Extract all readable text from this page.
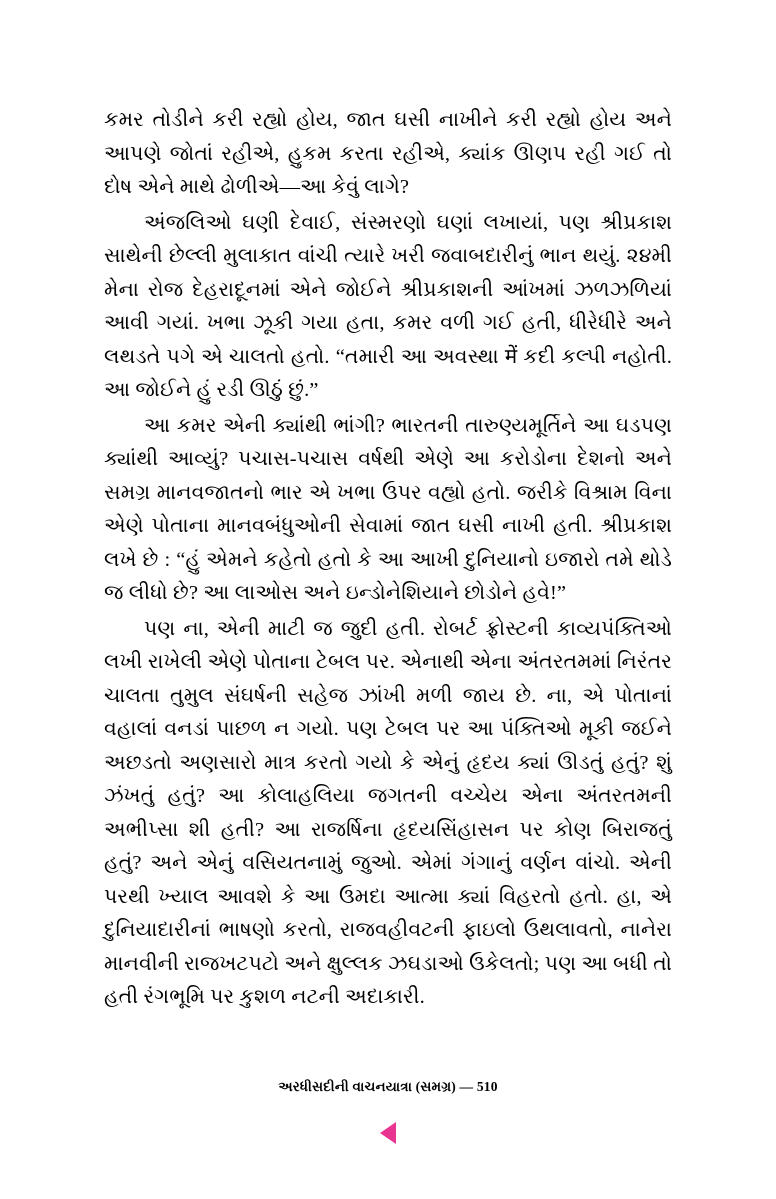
કમર તોડીને કરી રહ્યો હોય, જાત ઘસી નાખીને કરી રહ્યો હોય અને આપણે જોતાં રહીએ, હુકમ કરતા રહીએ, ક્યાંક ઊણપ રહી ગઈ તો દોષ એને માથે ઢોળીએ—આ કેવું લાગે?

અંજલિઓ ઘણી દેવાઈ, સંસ્મરણો ઘણાં લખાયાં, પણ શ્રીપ્રકાશ સાથેની છેલ્લી મુલાકાત વાંચી ત્યારે ખરી જવાબદારીનું ભાન થયું. ૨૪મી મેના રોજ દેહરાદૂનમાં એને જોઈને શ્રીપ્રકાશની આંખમાં ઝળઝળિયાં આવી ગયાં. ખભા ઝૂકી ગયા હતા, કમર વળી ગઈ હતી, ધીરેધીરે અને લથડતે પગે એ ચાલતો હતો. “તમારી આ અવસ્થા में કદી કલ્પી નહોતી. આ જોઈને હું રડી ઊઠું છું.”

આ કમર એની ક્યાંથી ભાંગી? ભારતની તારુણ્યમૂર્તિને આ ઘડપણ ક્યાંથી આવ્યું? પચાસ-પચાસ વર્ષથી એણે આ કરોડોના દેશનો અને સમગ્ર માનવજાતનો ભાર એ ખભા ઉપર વહ્યો હતો. જરીકે વિશ્રામ વિના એણે પોતાના માનવબંધુઓની સેવામાં જાત ઘસી નાખી હતી. શ્રીપ્રકાશ લખે છે : “હું એમને કહેતો હતો કે આ આખી દુનિયાનો ઇજારો તમે થોડે જ લીધો છે? આ લાઓસ અને ઇન્ડોનેશિયાને છોડોને હવે!”

પણ ના, એની માટી જ જુદી હતી. રોબર્ટ ફ્રોસ્ટની કાવ્યપંક્તિઓ લખી રાખેલી એણે પોતાના ટેબલ પર. એનાથી એના અંતરતમમાં નિરંતર ચાલતા તુમુલ સંઘર્ષની સહેજ ઝાંખી મળી જાય છે. ના, એ પોતાનાં વહાલાં વનડાં પાછળ ન ગયો. પણ ટેબલ પર આ પંક્તિઓ મૂકી જઈને અછડતો અણસારો માત્ર કરતો ગયો કે એનું હૃદય ક્યાં ઊડતું હતું? શું ઝંખતું હતું? આ કોલાહલિયા જગતની વચ્ચેય એના અંતરતમની અભીપ્સા શી હતી? આ રાજર્ષિના હૃદયસિંહાસન પર કોણ બિરાજતું હતું? અને એનું વસિયતનામું જુઓ. એમાં ગંગાનું વર્ણન વાંચો. એની પરથી ખ્યાલ આવશે કે આ ઉમદા આત્મા ક્યાં વિહરતો હતો. હા, એ દુનિયાદારીનાં ભાષણો કરતો, રાજવહીવટની ફાઇલો ઉથલાવતો, નાનેરા માનવીની રાજખટપટો અને ક્ષુલ્લક ઝઘડાઓ ઉકેલતો; પણ આ બધી તો હતી રંગભૂમિ પર કુશળ નટની અદાકારી.

અરધીસદીની વાચનયાત્રા (સમગ્ર) — 510
